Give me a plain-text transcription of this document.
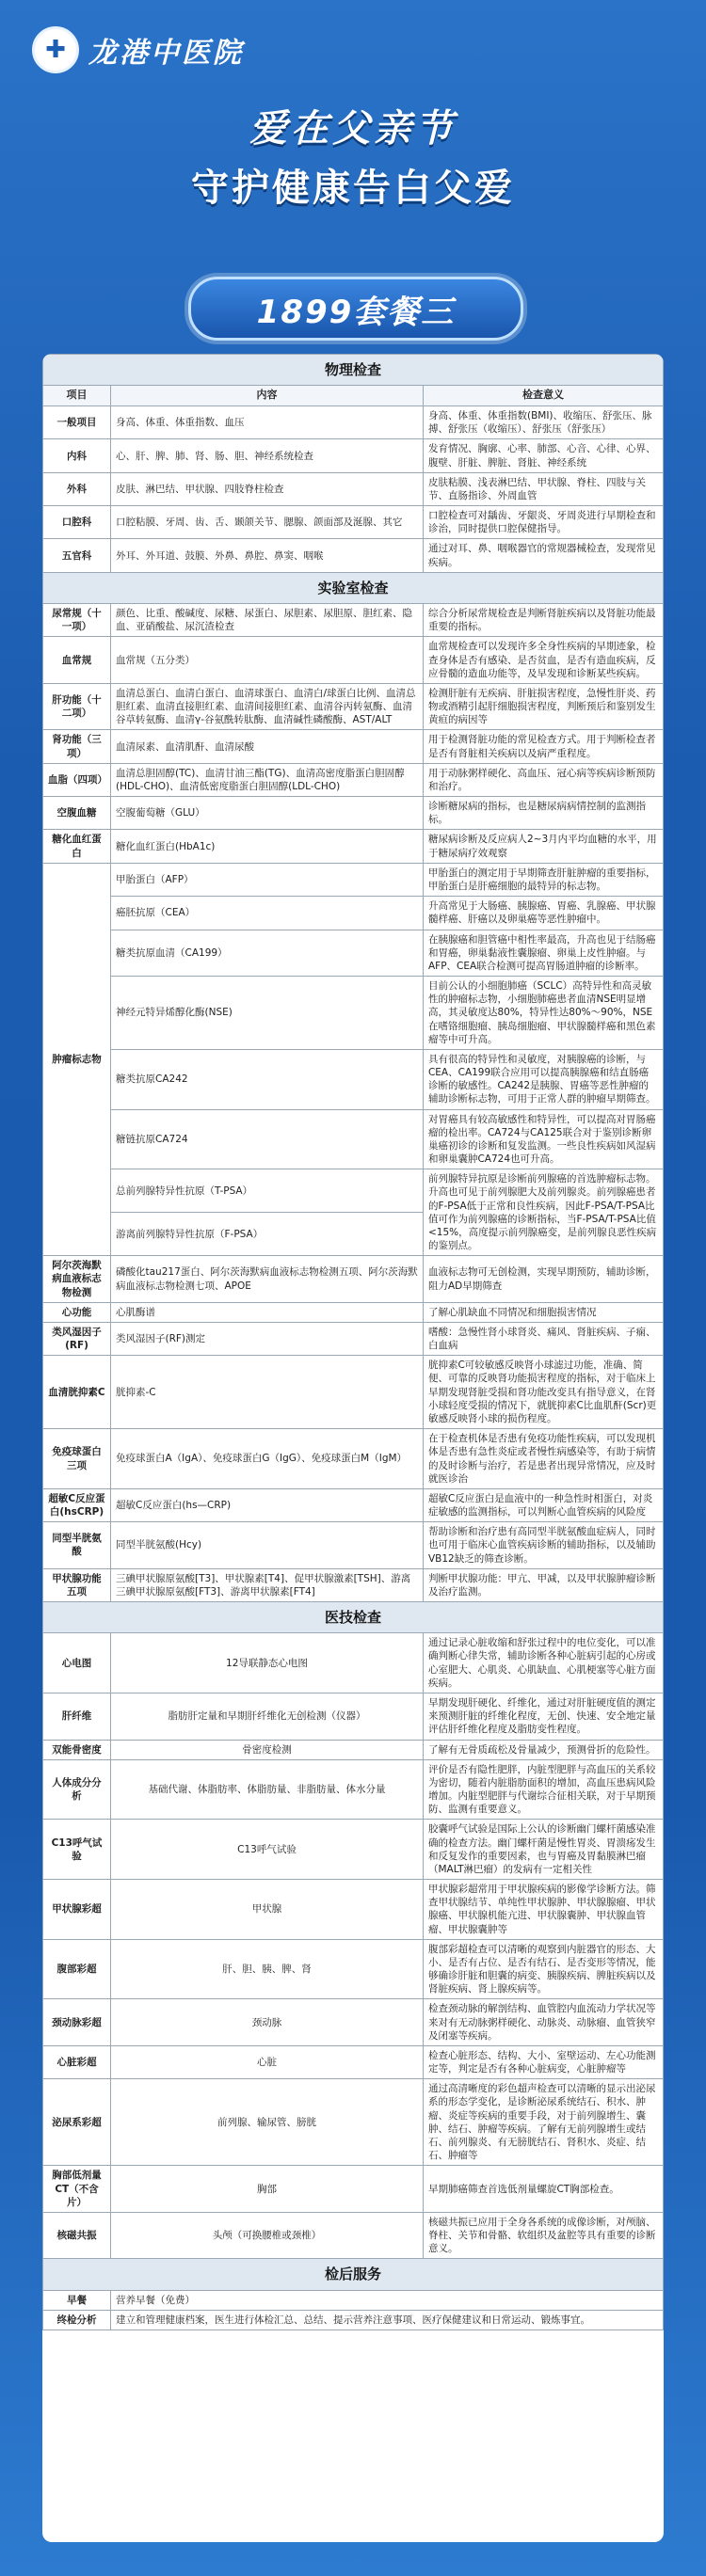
✚ 龙港中医院
爱在父亲节
守护健康告白父爱
1899套餐三
物理检查		
项目	内容	检查意义
一般项目	身高、体重、体重指数、血压	身高、体重、体重指数(BMI)、收缩压、舒张压、脉搏、舒张压（收缩压）、舒张压（舒张压）
内科	心、肝、脾、肺、肾、肠、胆、神经系统检查	发育情况、胸廓、心率、肺部、心音、心律、心界、腹壁、肝脏、脾脏、肾脏、神经系统
外科	皮肤、淋巴结、甲状腺、四肢脊柱检查	皮肤粘膜、浅表淋巴结、甲状腺、脊柱、四肢与关节、直肠指诊、外周血管
口腔科	口腔粘膜、牙周、齿、舌、颞颌关节、腮腺、颌面部及涎腺、其它	口腔检查可对龋齿、牙龈炎、牙周炎进行早期检查和诊治，同时提供口腔保健指导。
五官科	外耳、外耳道、鼓膜、外鼻、鼻腔、鼻窦、咽喉	通过对耳、鼻、咽喉器官的常规器械检查，发现常见疾病。
实验室检查		
尿常规（十一项）	颜色、比重、酸碱度、尿糖、尿蛋白、尿胆素、尿胆原、胆红素、隐血、亚硝酸盐、尿沉渣检查	综合分析尿常规检查是判断肾脏疾病以及肾脏功能最重要的指标。
血常规	血常规（五分类）	血常规检查可以发现许多全身性疾病的早期迹象，检查身体是否有感染、是否贫血，是否有造血疾病，反应骨髓的造血功能等，及早发现和诊断某些疾病。
肝功能（十二项）	血清总蛋白、血清白蛋白、血清球蛋白、血清白/球蛋白比例、血清总胆红素、血清直接胆红素、血清间接胆红素、血清谷丙转氨酶、血清谷草转氨酶、血清γ-谷氨酰转肽酶、血清碱性磷酸酶、AST/ALT	检测肝脏有无疾病、肝脏损害程度，急慢性肝炎、药物或酒精引起肝细胞损害程度，判断预后和鉴别发生黄疸的病因等
肾功能（三项）	血清尿素、血清肌酐、血清尿酸	用于检测肾脏功能的常见检查方式。用于判断检查者是否有肾脏相关疾病以及病严重程度。
血脂（四项）	血清总胆固醇(TC)、血清甘油三酯(TG)、血清高密度脂蛋白胆固醇(HDL-CHO)、血清低密度脂蛋白胆固醇(LDL-CHO)	用于动脉粥样硬化、高血压、冠心病等疾病诊断预防和治疗。
空腹血糖	空腹葡萄糖（GLU）	诊断糖尿病的指标，也是糖尿病病情控制的监测指标。
糖化血红蛋白	糖化血红蛋白(HbA1c)	糖尿病诊断及反应病人2~3月内平均血糖的水平，用于糖尿病疗效观察
肿瘤标志物	甲胎蛋白（AFP）	甲胎蛋白的测定用于早期筛查肝脏肿瘤的重要指标，甲胎蛋白是肝癌细胞的最特异的标志物。
	癌胚抗原（CEA）	升高常见于大肠癌、胰腺癌、胃癌、乳腺癌、甲状腺髓样癌、肝癌以及卵巢癌等恶性肿瘤中。
	糖类抗原血清（CA199）	在胰腺癌和胆管癌中相性率最高，升高也见于结肠癌和胃癌，卵巢黏液性囊腺瘤、卵巢上皮性肿瘤。与AFP、CEA联合检测可提高胃肠道肿瘤的诊断率。
	神经元特异烯醇化酶(NSE)	目前公认的小细胞肺癌（SCLC）高特异性和高灵敏性的肿瘤标志物，小细胞肺癌患者血清NSE明显增高，其灵敏度达80%，特异性达80%～90%，NSE在嗜铬细胞瘤、胰岛细胞瘤、甲状腺髓样癌和黑色素瘤等中可升高。
	糖类抗原CA242	具有很高的特异性和灵敏度，对胰腺癌的诊断，与CEA、CA199联合应用可以提高胰腺癌和结直肠癌诊断的敏感性。CA242是胰腺、胃癌等恶性肿瘤的辅助诊断标志物，可用于正常人群的肿瘤早期筛查。
	糖链抗原CA724	对胃癌具有较高敏感性和特异性，可以提高对胃肠癌瘤的检出率。CA724与CA125联合对于鉴别诊断卵巢癌初诊的诊断和复发监测。一些良性疾病如风湿病和卵巢囊肿CA724也可升高。
	总前列腺特异性抗原（T-PSA）	前列腺特异抗原是诊断前列腺癌的首选肿瘤标志物。升高也可见于前列腺肥大及前列腺炎。前列腺癌患者的F-PSA低于正常和良性疾病，因此F-PSA/T-PSA比值可作为前列腺癌的诊断指标，当F-PSA/T-PSA比值<15%，高度提示前列腺癌变，是前列腺良恶性疾病的鉴别点。
	游离前列腺特异性抗原（F-PSA）	
阿尔茨海默病血液标志物检测	磷酸化tau217蛋白、阿尔茨海默病血液标志物检测五项、阿尔茨海默病血液标志物检测七项、APOE	血液标志物可无创检测，实现早期预防，辅助诊断，阻力AD早期筛查
心功能	心肌酶谱	了解心肌缺血不同情况和细胞损害情况
类风湿因子(RF)	类风湿因子(RF)测定	嗜酸：急慢性肾小球肾炎、痛风、肾脏疾病、子痫、白血病
血清胱抑素C	胱抑素-C	胱抑素C可较敏感反映肾小球滤过功能，准确、简便、可靠的反映肾功能损害程度的指标，对于临床上早期发现肾脏受损和肾功能改变具有指导意义，在肾小球轻度受损的情况下，就胱抑素C比血肌酐(Scr)更敏感反映肾小球的损伤程度。
免疫球蛋白三项	免疫球蛋白A（IgA）、免疫球蛋白G（IgG）、免疫球蛋白M（IgM）	在于检查机体是否患有免疫功能性疾病，可以发现机体是否患有急性炎症或者慢性病感染等，有助于病情的及时诊断与治疗，若是患者出现异常情况，应及时就医诊治
超敏C反应蛋白(hsCRP)	超敏C反应蛋白(hs—CRP)	超敏C反应蛋白是血液中的一种急性时相蛋白，对炎症敏感的监测指标，可以判断心血管疾病的风险度
同型半胱氨酸	同型半胱氨酸(Hcy)	帮助诊断和治疗患有高同型半胱氨酸血症病人，同时也可用于临床心血管疾病诊断的辅助指标，以及辅助VB12缺乏的筛查诊断。
甲状腺功能五项	三碘甲状腺原氨酸[T3]、甲状腺素[T4]、促甲状腺激素[TSH]、游离三碘甲状腺原氨酸[FT3]、游离甲状腺素[FT4]	判断甲状腺功能：甲亢、甲减，以及甲状腺肿瘤诊断及治疗监测。
医技检查		
心电图	12导联静态心电图	通过记录心脏收缩和舒张过程中的电位变化，可以准确判断心律失常，辅助诊断各种心脏病引起的心房或心室肥大、心肌炎、心肌缺血、心肌梗塞等心脏方面疾病。
肝纤维	脂肪肝定量和早期肝纤维化无创检测（仪器）	早期发现肝硬化、纤维化，通过对肝脏硬度值的测定来预测肝脏的纤维化程度，无创、快速、安全地定量评估肝纤维化程度及脂肪变性程度。
双能骨密度	骨密度检测	了解有无骨质疏松及骨量减少，预测骨折的危险性。
人体成分分析	基础代谢、体脂肪率、体脂肪量、非脂肪量、体水分量	评价是否有隐性肥胖，内脏型肥胖与高血压的关系较为密切，随着内脏脂肪面积的增加，高血压患病风险增加。内脏型肥胖与代谢综合征相关联，对于早期预防、监测有重要意义。
C13呼气试验	C13呼气试验	胶囊呼气试验是国际上公认的诊断幽门螺杆菌感染准确的检查方法。幽门螺杆菌是慢性胃炎、胃溃疡发生和反复发作的重要因素，也与胃癌及胃黏膜淋巴瘤（MALT淋巴瘤）的发病有一定相关性
甲状腺彩超	甲状腺	甲状腺彩超常用于甲状腺疾病的影像学诊断方法。筛查甲状腺结节、单纯性甲状腺肿、甲状腺腺瘤、甲状腺癌、甲状腺机能亢进、甲状腺囊肿、甲状腺血管瘤、甲状腺囊肿等
腹部彩超	肝、胆、胰、脾、肾	腹部彩超检查可以清晰的观察到内脏器官的形态、大小、是否有占位、是否有结石、是否变形等情况，能够确诊肝脏和胆囊的病变、胰腺疾病、脾脏疾病以及肾脏疾病、肾上腺疾病等。
颈动脉彩超	颈动脉	检查颈动脉的解剖结构、血管腔内血流动力学状况等来对有无动脉粥样硬化、动脉炎、动脉瘤、血管狭窄及闭塞等疾病。
心脏彩超	心脏	检查心脏形态、结构、大小、室壁运动、左心功能测定等，判定是否有各种心脏病变，心脏肿瘤等
泌尿系彩超	前列腺、输尿管、膀胱	通过高清晰度的彩色超声检查可以清晰的显示出泌尿系的形态学变化，是诊断泌尿系统结石、积水、肿瘤、炎症等疾病的重要手段，对于前列腺增生、囊肿、结石、肿瘤等疾病。了解有无前列腺增生或结石、前列腺炎、有无膀胱结石、肾积水、炎症、结石、肿瘤等
胸部低剂量CT（不含片）	胸部	早期肺癌筛查首选低剂量螺旋CT胸部检查。
核磁共振	头颅（可换腰椎或颈椎）	核磁共振已应用于全身各系统的成像诊断，对颅脑、脊柱、关节和骨骼、软组织及盆腔等具有重要的诊断意义。
检后服务		
早餐	营养早餐（免费）	
终检分析	建立和管理健康档案，医生进行体检汇总、总结、提示营养注意事项、医疗保健建议和日常运动、锻炼事宜。	
